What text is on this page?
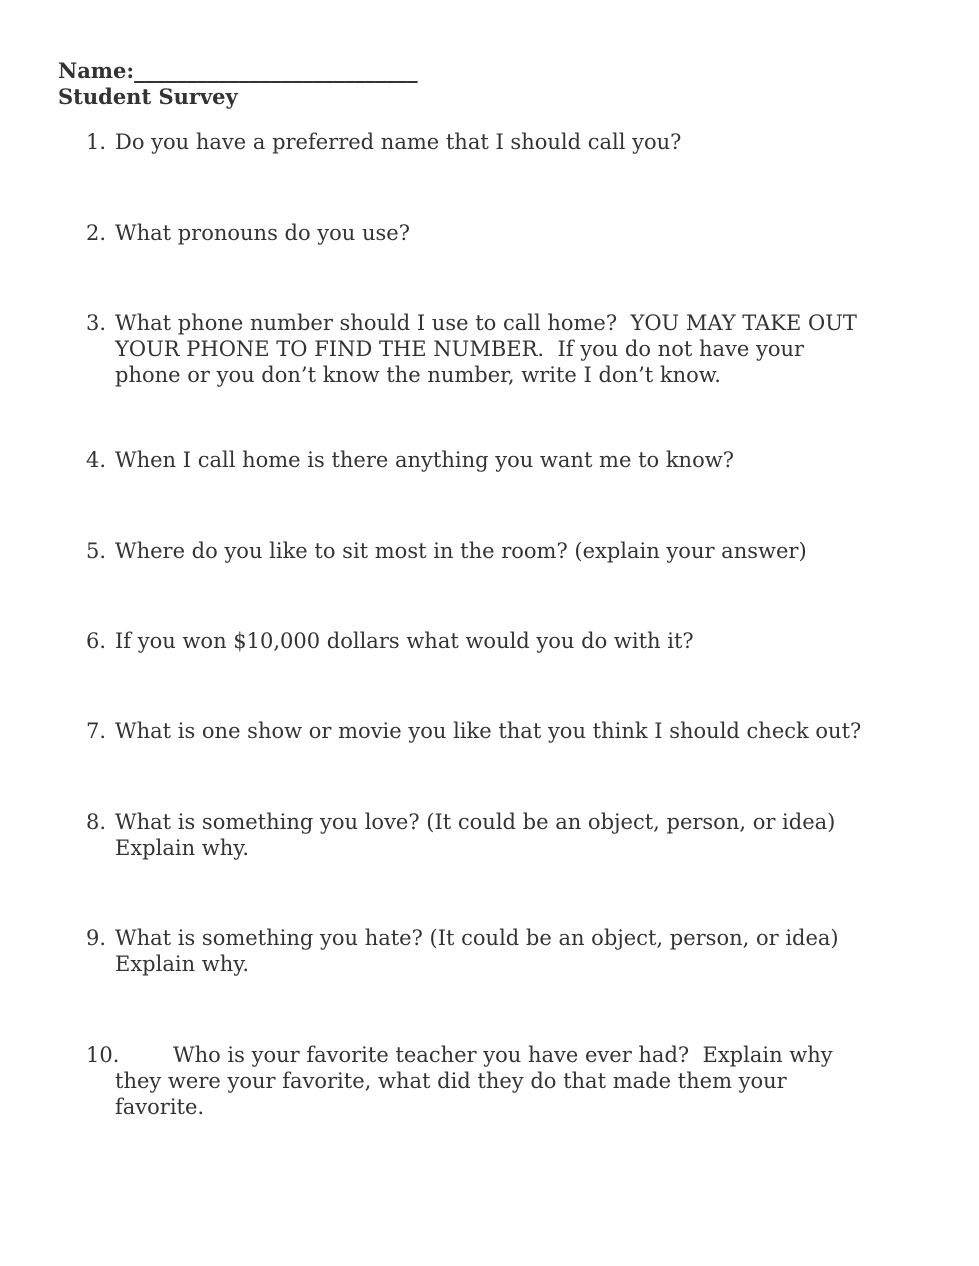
Name:___________________________
Student Survey
1. Do you have a preferred name that I should call you?
2. What pronouns do you use?
3. What phone number should I use to call home?  YOU MAY TAKE OUT
YOUR PHONE TO FIND THE NUMBER.  If you do not have your
phone or you don’t know the number, write I don’t know.
4. When I call home is there anything you want me to know?
5. Where do you like to sit most in the room? (explain your answer)
6. If you won $10,000 dollars what would you do with it?
7. What is one show or movie you like that you think I should check out?
8. What is something you love? (It could be an object, person, or idea)
Explain why.
9. What is something you hate? (It could be an object, person, or idea)
Explain why.
10.	Who is your favorite teacher you have ever had?  Explain why
they were your favorite, what did they do that made them your
favorite.
